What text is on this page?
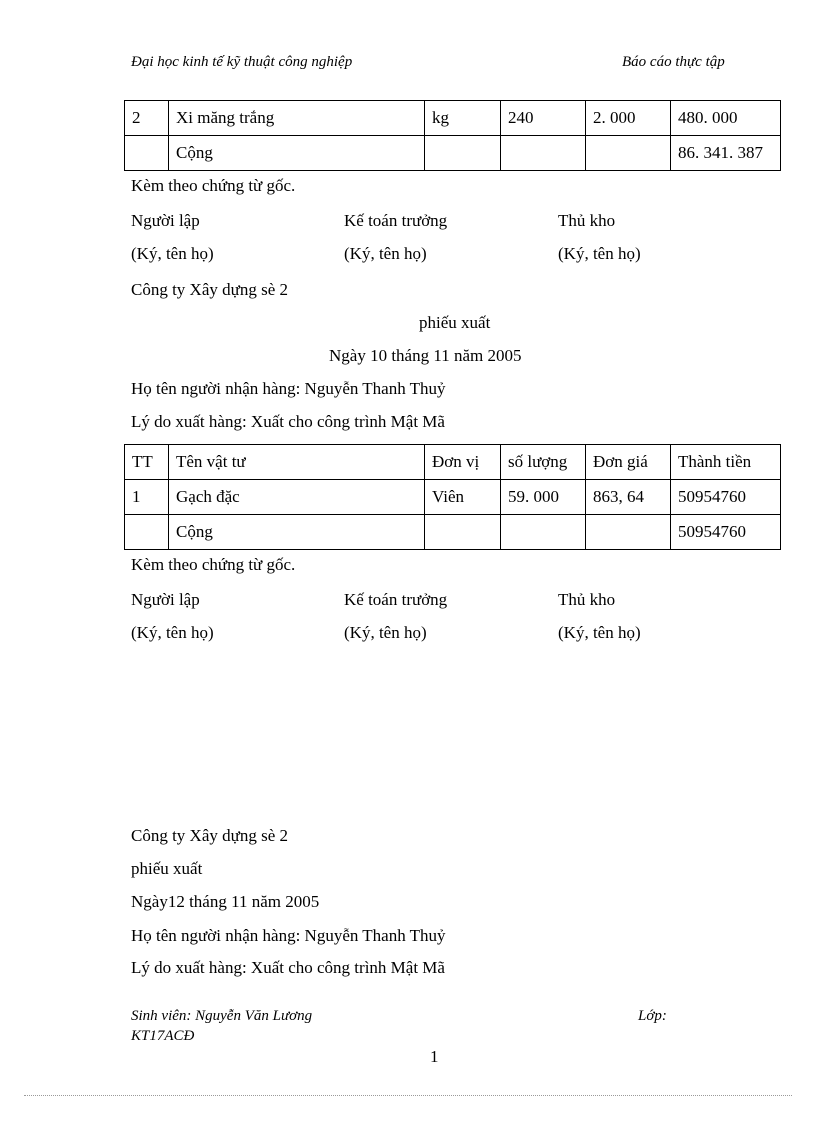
Đại học kinh tế kỹ thuật công nghiệp	Báo cáo thực tập
2	Xi măng trắng	kg	240	2. 000	480. 000
	Cộng				86. 341. 387
Kèm theo chứng từ gốc.
Người lập	Kế toán trưởng	Thủ kho
(Ký, tên họ)	(Ký, tên họ)	(Ký, tên họ)
Công ty Xây dựng sè 2
phiếu xuất
Ngày 10 tháng 11 năm 2005
Họ tên người nhận hàng: Nguyễn Thanh Thuỷ
Lý do xuất hàng: Xuất cho công trình Mật Mã
TT	Tên vật tư	Đơn vị	số lượng	Đơn giá	Thành tiền
1	Gạch đặc	Viên	59. 000	863, 64	50954760
	Cộng				50954760
Kèm theo chứng từ gốc.
Người lập	Kế toán trưởng	Thủ kho
(Ký, tên họ)	(Ký, tên họ)	(Ký, tên họ)
Công ty Xây dựng sè 2
phiếu xuất
Ngày12 tháng 11 năm 2005
Họ tên người nhận hàng: Nguyễn Thanh Thuỷ
Lý do xuất hàng: Xuất cho công trình Mật Mã
Sinh viên: Nguyễn Văn Lương	Lớp:
KT17ACĐ
1
